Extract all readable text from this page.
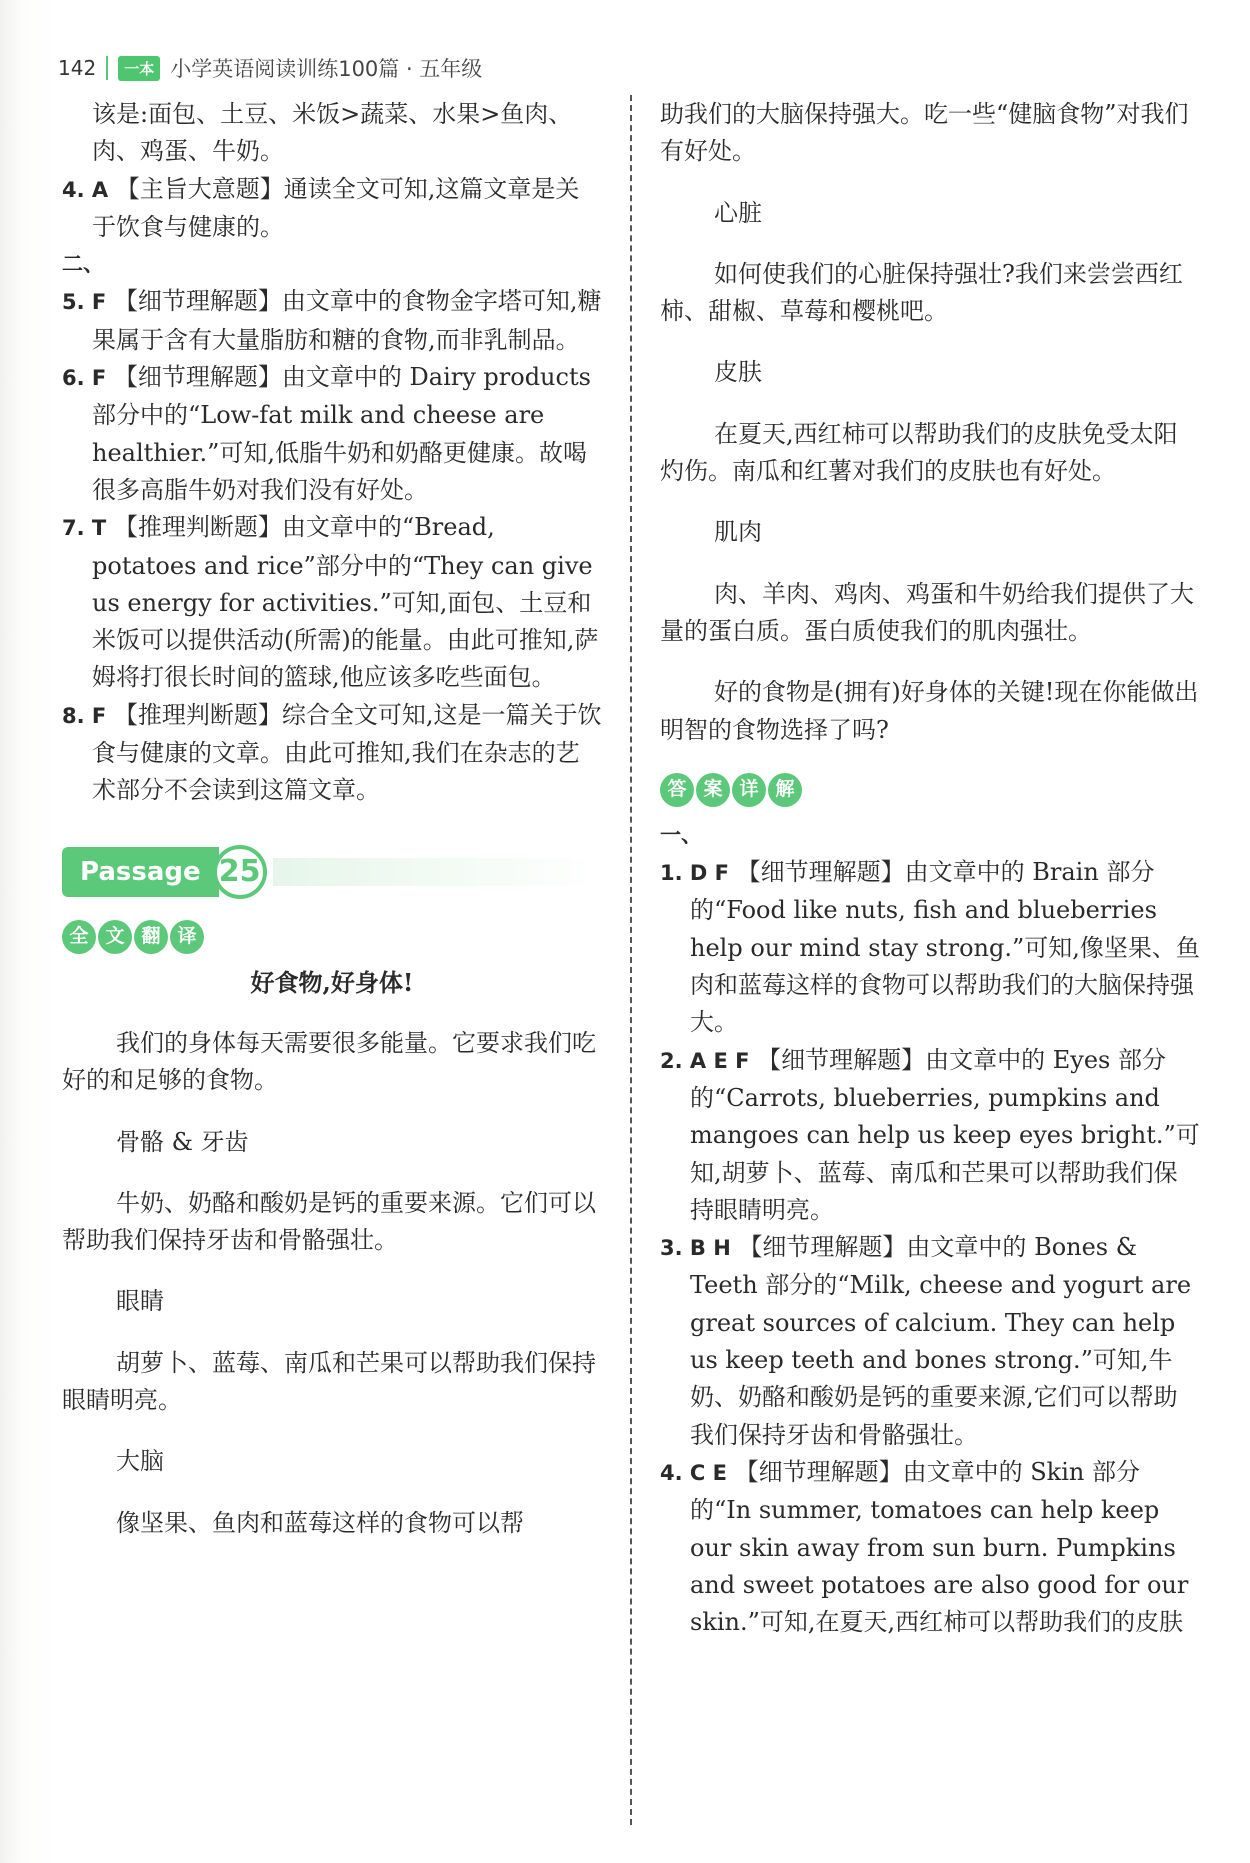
142	一本 小学英语阅读训练100篇 · 五年级

该是:面包、土豆、米饭>蔬菜、水果>鱼肉、
肉、鸡蛋、牛奶。

4. A 【主旨大意题】通读全文可知,这篇文章是关于饮食与健康的。

二、

5. F 【细节理解题】由文章中的食物金字塔可知,糖果属于含有大量脂肪和糖的食物,而非乳制品。

6. F 【细节理解题】由文章中的 Dairy products 部分中的“Low-fat milk and cheese are healthier.”可知,低脂牛奶和奶酪更健康。故喝很多高脂牛奶对我们没有好处。

7. T 【推理判断题】由文章中的“Bread, potatoes and rice”部分中的“They can give us energy for activities.”可知,面包、土豆和米饭可以提供活动(所需)的能量。由此可推知,萨姆将打很长时间的篮球,他应该多吃些面包。

8. F 【推理判断题】综合全文可知,这是一篇关于饮食与健康的文章。由此可推知,我们在杂志的艺术部分不会读到这篇文章。

Passage 25
全 文 翻 译

好食物,好身体!

我们的身体每天需要很多能量。它要求我们吃好的和足够的食物。

骨骼 & 牙齿

牛奶、奶酪和酸奶是钙的重要来源。它们可以帮助我们保持牙齿和骨骼强壮。

眼睛

胡萝卜、蓝莓、南瓜和芒果可以帮助我们保持眼睛明亮。

大脑

像坚果、鱼肉和蓝莓这样的食物可以帮

助我们的大脑保持强大。吃一些“健脑食物”对我们有好处。

心脏

如何使我们的心脏保持强壮?我们来尝尝西红柿、甜椒、草莓和樱桃吧。

皮肤

在夏天,西红柿可以帮助我们的皮肤免受太阳灼伤。南瓜和红薯对我们的皮肤也有好处。

肌肉

肉、羊肉、鸡肉、鸡蛋和牛奶给我们提供了大量的蛋白质。蛋白质使我们的肌肉强壮。

好的食物是(拥有)好身体的关键!现在你能做出明智的食物选择了吗?

答 案 详 解

一、

1. D F 【细节理解题】由文章中的 Brain 部分的“Food like nuts, fish and blueberries help our mind stay strong.”可知,像坚果、鱼肉和蓝莓这样的食物可以帮助我们的大脑保持强大。

2. A E F 【细节理解题】由文章中的 Eyes 部分的“Carrots, blueberries, pumpkins and mangoes can help us keep eyes bright.”可知,胡萝卜、蓝莓、南瓜和芒果可以帮助我们保持眼睛明亮。

3. B H 【细节理解题】由文章中的 Bones & Teeth 部分的“Milk, cheese and yogurt are great sources of calcium. They can help us keep teeth and bones strong.”可知,牛奶、奶酪和酸奶是钙的重要来源,它们可以帮助我们保持牙齿和骨骼强壮。

4. C E 【细节理解题】由文章中的 Skin 部分的“In summer, tomatoes can help keep our skin away from sun burn. Pumpkins and sweet potatoes are also good for our skin.”可知,在夏天,西红柿可以帮助我们的皮肤
